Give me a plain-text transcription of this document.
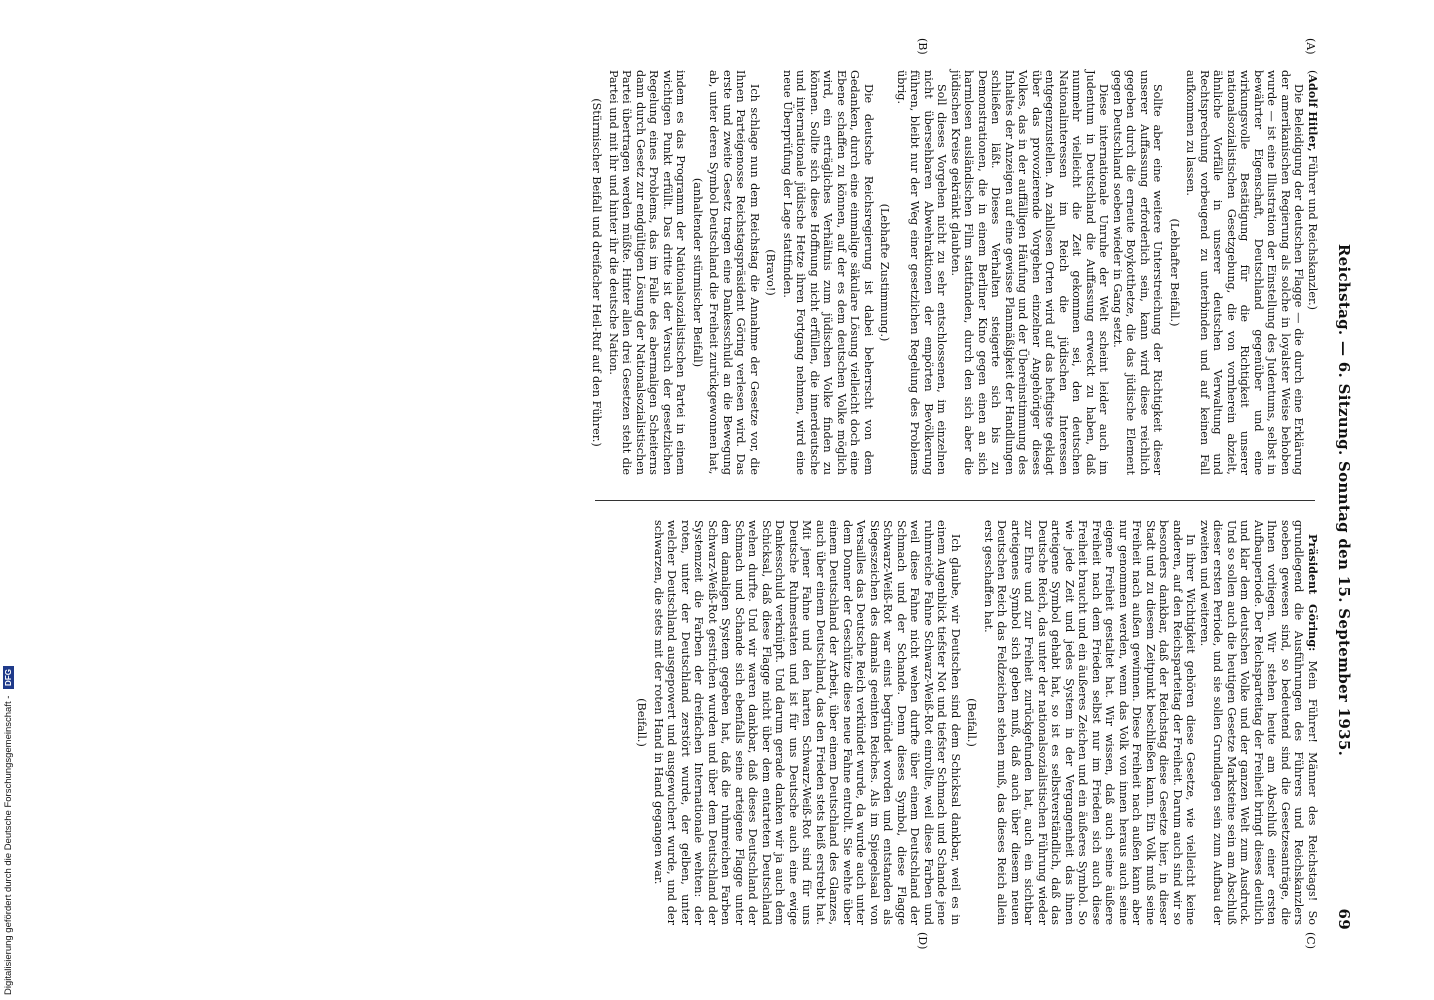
Reichstag. — 6. Sitzung. Sonntag den 15. September 1935.
69
(A)
(B)
(C)
(D)

(Adolf Hitler, Führer und Reichskanzler.)

Die Beleidigung der deutschen Flagge — die durch eine Erklärung der amerikanischen Regierung als solche in loyalster Weise behoben wurde — ist eine Illustration der Einstellung des Judentums, selbst in bewährter Eigenschaft, Deutschland gegenüber und eine wirkungsvolle Bestätigung für die Richtigkeit unserer nationalsozialistischen Gesetzgebung, die von vornherein abzielt, ähnliche Vorfälle in unserer deutschen Verwaltung und Rechtsprechung vorbeugend zu unterbinden und auf keinen Fall aufkommen zu lassen.

(Lebhafter Beifall.)

Sollte aber eine weitere Unterstreichung der Richtigkeit dieser unserer Auffassung erforderlich sein, kann wird diese reichlich gegeben durch die erneute Boykotthetze, die das jüdische Element gegen Deutschland soeben wieder in Gang setzt.

Diese internationale Unruhe der Welt scheint leider auch im Judentum in Deutschland die Auffassung erweckt zu haben, daß nunmehr vielleicht die Zeit gekommen sei, den deutschen Nationalinteressen im Reich die jüdischen Interessen entgegenzustellen. An zahllosen Orten wird auf das heftigste geklagt über das provozierende Vorgehen einzelner Angehöriger dieses Volkes, das in der auffälligen Häufung und der Übereinstimmung des Inhaltes der Anzeigen auf eine gewisse Planmäßigkeit der Handlungen schließen läßt. Dieses Verhalten steigerte sich bis zu Demonstrationen, die in einem Berliner Kino gegen einen an sich harmlosen ausländischen Film stattfanden, durch den sich aber die jüdischen Kreise gekränkt glaubten.

Soll dieses Vorgehen nicht zu sehr entschlossenen, im einzelnen nicht übersehbaren Abwehraktionen der empörten Bevölkerung führen, bleibt nur der Weg einer gesetzlichen Regelung des Problems übrig.

(Lebhafte Zustimmung.)

Die deutsche Reichsregierung ist dabei beherrscht von dem Gedanken, durch eine einmalige säkulare Lösung vielleicht doch eine Ebene schaffen zu können, auf der es dem deutschen Volke möglich wird, ein erträgliches Verhältnis zum jüdischen Volke finden zu können. Sollte sich diese Hoffnung nicht erfüllen, die innerdeutsche und internationale jüdische Hetze ihren Fortgang nehmen, wird eine neue Überprüfung der Lage stattfinden.

(Bravo!)

Ich schlage nun dem Reichstag die Annahme der Gesetze vor, die Ihnen Parteigenosse Reichstagspräsident Göring verlesen wird. Das erste und zweite Gesetz tragen eine Dankesschuld an die Bewegung ab, unter deren Symbol Deutschland die Freiheit zurückgewonnen hat,

(anhaltender stürmischer Beifall)

indem es das Programm der Nationalsozialistischen Partei in einem wichtigen Punkt erfüllt. Das dritte ist der Versuch der gesetzlichen Regelung eines Problems, das im Falle des abermaligen Scheiterns dann durch Gesetz zur endgültigen Lösung der Nationalsozialistischen Partei übertragen werden müßte. Hinter allen drei Gesetzen steht die Partei und mit ihr und hinter ihr die deutsche Nation.

(Stürmischer Beifall und dreifacher Heil-Ruf auf den Führer.)

Präsident Göring: Mein Führer! Männer des Reichstags! So grundlegend die Ausführungen des Führers und Reichskanzlers soeben gewesen sind, so bedeutend sind die Gesetzesanträge, die Ihnen vorliegen. Wir stehen heute am Abschluß einer ersten Aufbauperiode. Der Reichsparteitag der Freiheit bringt dieses deutlich und klar dem deutschen Volke und der ganzen Welt zum Ausdruck. Und so sollen auch die heutigen Gesetze Marksteine sein am Abschluß dieser ersten Periode, und sie sollen Grundlagen sein zum Aufbau der zweiten und weiteren.

In ihrer Wichtigkeit gehören diese Gesetze, wie vielleicht keine anderen, auf den Reichsparteitag der Freiheit. Darum auch sind wir so besonders dankbar, daß der Reichstag diese Gesetze hier, in dieser Stadt und zu diesem Zeitpunkt beschließen kann. Ein Volk muß seine Freiheit nach außen gewinnen. Diese Freiheit nach außen kann aber nur genommen werden, wenn das Volk von innen heraus auch seine eigene Freiheit gestaltet hat. Wir wissen, daß auch seine äußere Freiheit nach dem Frieden selbst nur im Frieden sich auch diese Freiheit braucht und ein äußeres Zeichen und ein äußeres Symbol. So wie jede Zeit und jedes System in der Vergangenheit das ihnen arteigene Symbol gehabt hat, so ist es selbstverständlich, daß das Deutsche Reich, das unter der nationalsozialistischen Führung wieder zur Ehre und zur Freiheit zurückgefunden hat, auch ein sichtbar arteigenes Symbol sich geben muß, daß auch über diesem neuen Deutschen Reich das Feldzeichen stehen muß, das dieses Reich allein erst geschaffen hat.

(Beifall.)

Ich glaube, wir Deutschen sind dem Schicksal dankbar, weil es in einem Augenblick tiefster Not und tiefster Schmach und Schande jene ruhmreiche Fahne Schwarz-Weiß-Rot einrollte, weil diese Farben und weil diese Fahne nicht wehen durfte über einem Deutschland der Schmach und der Schande. Denn dieses Symbol, diese Flagge Schwarz-Weiß-Rot war einst begründet worden und entstanden als Siegeszeichen des damals geeinten Reiches. Als im Spiegelsaal von Versailles das Deutsche Reich verkündet wurde, da wurde auch unter dem Donner der Geschütze diese neue Fahne entrollt. Sie wehte über einem Deutschland der Arbeit, über einem Deutschland des Glanzes, auch über einem Deutschland, das den Frieden stets heiß erstrebt hat. Mit jener Fahne und den harten Schwarz-Weiß-Rot sind für uns Deutsche Ruhmestaten und ist für uns Deutsche auch eine ewige Dankesschuld verknüpft. Und darum gerade danken wir ja auch dem Schicksal, daß diese Flagge nicht über dem entarteten Deutschland wehen durfte. Und wir waren dankbar, daß dieses Deutschland der Schmach und Schande sich ebenfalls seine arteigene Flagge unter dem damaligen System gegeben hat, daß die ruhmreichen Farben Schwarz-Weiß-Rot gestrichen wurden und über dem Deutschland der Systemzeit die Farben der dreifachen Internationale wehten: der roten, unter der Deutschland zerstört wurde, der gelben, unter welcher Deutschland ausgepowert und ausgewuchert wurde, und der schwarzen, die stets mit der roten Hand in Hand gegangen war.

(Beifall.)

Digitalisierung gefördert durch die Deutsche Forschungsgemeinschaft - DFG
